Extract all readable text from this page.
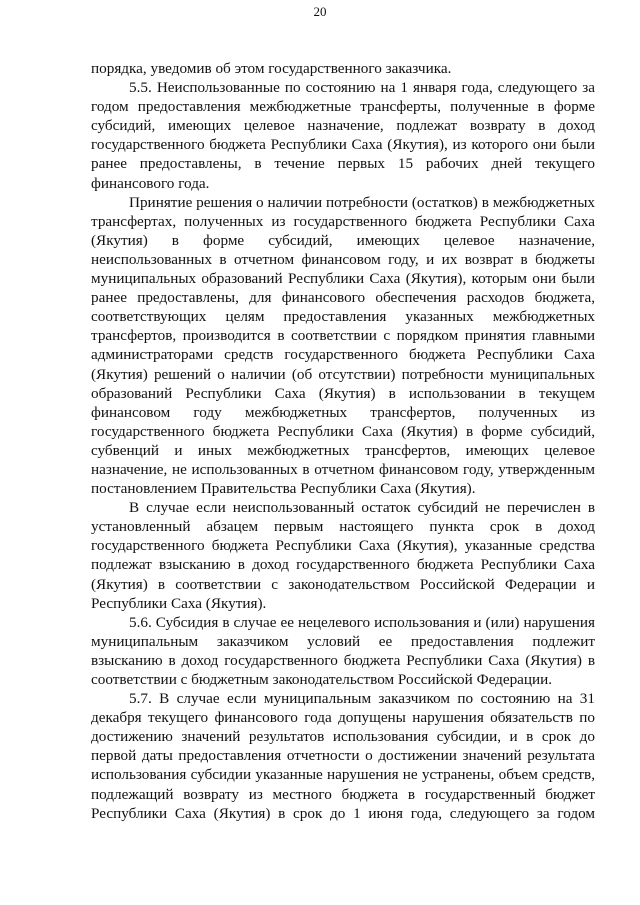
20

порядка, уведомив об этом государственного заказчика.

5.5. Неиспользованные по состоянию на 1 января года, следующего за годом предоставления межбюджетные трансферты, полученные в форме субсидий, имеющих целевое назначение, подлежат возврату в доход государственного бюджета Республики Саха (Якутия), из которого они были ранее предоставлены, в течение первых 15 рабочих дней текущего финансового года.

Принятие решения о наличии потребности (остатков) в межбюджетных трансфертах, полученных из государственного бюджета Республики Саха (Якутия) в форме субсидий, имеющих целевое назначение, неиспользованных в отчетном финансовом году, и их возврат в бюджеты муниципальных образований Республики Саха (Якутия), которым они были ранее предоставлены, для финансового обеспечения расходов бюджета, соответствующих целям предоставления указанных межбюджетных трансфертов, производится в соответствии с порядком принятия главными администраторами средств государственного бюджета Республики Саха (Якутия) решений о наличии (об отсутствии) потребности муниципальных образований Республики Саха (Якутия) в использовании в текущем финансовом году межбюджетных трансфертов, полученных из государственного бюджета Республики Саха (Якутия) в форме субсидий, субвенций и иных межбюджетных трансфертов, имеющих целевое назначение, не использованных в отчетном финансовом году, утвержденным постановлением Правительства Республики Саха (Якутия).

В случае если неиспользованный остаток субсидий не перечислен в установленный абзацем первым настоящего пункта срок в доход государственного бюджета Республики Саха (Якутия), указанные средства подлежат взысканию в доход государственного бюджета Республики Саха (Якутия) в соответствии с законодательством Российской Федерации и Республики Саха (Якутия).

5.6. Субсидия в случае ее нецелевого использования и (или) нарушения муниципальным заказчиком условий ее предоставления подлежит взысканию в доход государственного бюджета Республики Саха (Якутия) в соответствии с бюджетным законодательством Российской Федерации.

5.7. В случае если муниципальным заказчиком по состоянию на 31 декабря текущего финансового года допущены нарушения обязательств по достижению значений результатов использования субсидии, и в срок до первой даты предоставления отчетности о достижении значений результата использования субсидии указанные нарушения не устранены, объем средств, подлежащий возврату из местного бюджета в государственный бюджет Республики Саха (Якутия) в срок до 1 июня года, следующего за годом
